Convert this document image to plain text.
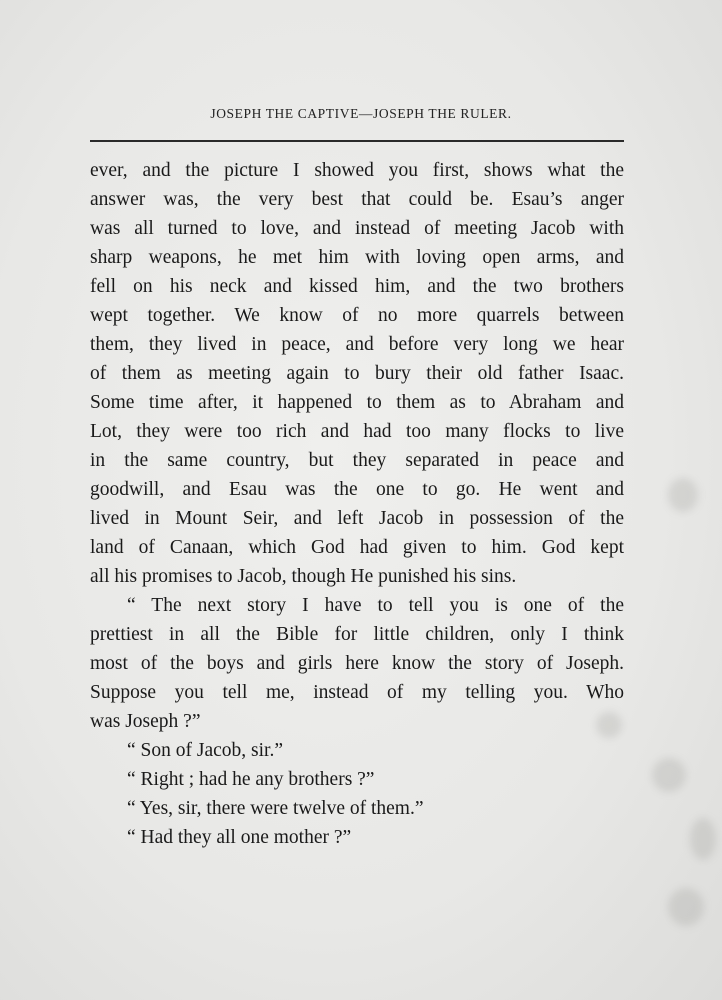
JOSEPH THE CAPTIVE—JOSEPH THE RULER.
ever, and the picture I showed you first, shows what the
answer was, the very best that could be. Esau’s anger
was all turned to love, and instead of meeting Jacob with
sharp weapons, he met him with loving open arms, and
fell on his neck and kissed him, and the two brothers
wept together. We know of no more quarrels between
them, they lived in peace, and before very long we hear
of them as meeting again to bury their old father Isaac.
Some time after, it happened to them as to Abraham and
Lot, they were too rich and had too many flocks to live
in the same country, but they separated in peace and
goodwill, and Esau was the one to go. He went and
lived in Mount Seir, and left Jacob in possession of the
land of Canaan, which God had given to him. God kept
all his promises to Jacob, though He punished his sins.
“ The next story I have to tell you is one of the
prettiest in all the Bible for little children, only I think
most of the boys and girls here know the story of Joseph.
Suppose you tell me, instead of my telling you. Who
was Joseph ?”
“ Son of Jacob, sir.”
“ Right ; had he any brothers ?”
“ Yes, sir, there were twelve of them.”
“ Had they all one mother ?”
